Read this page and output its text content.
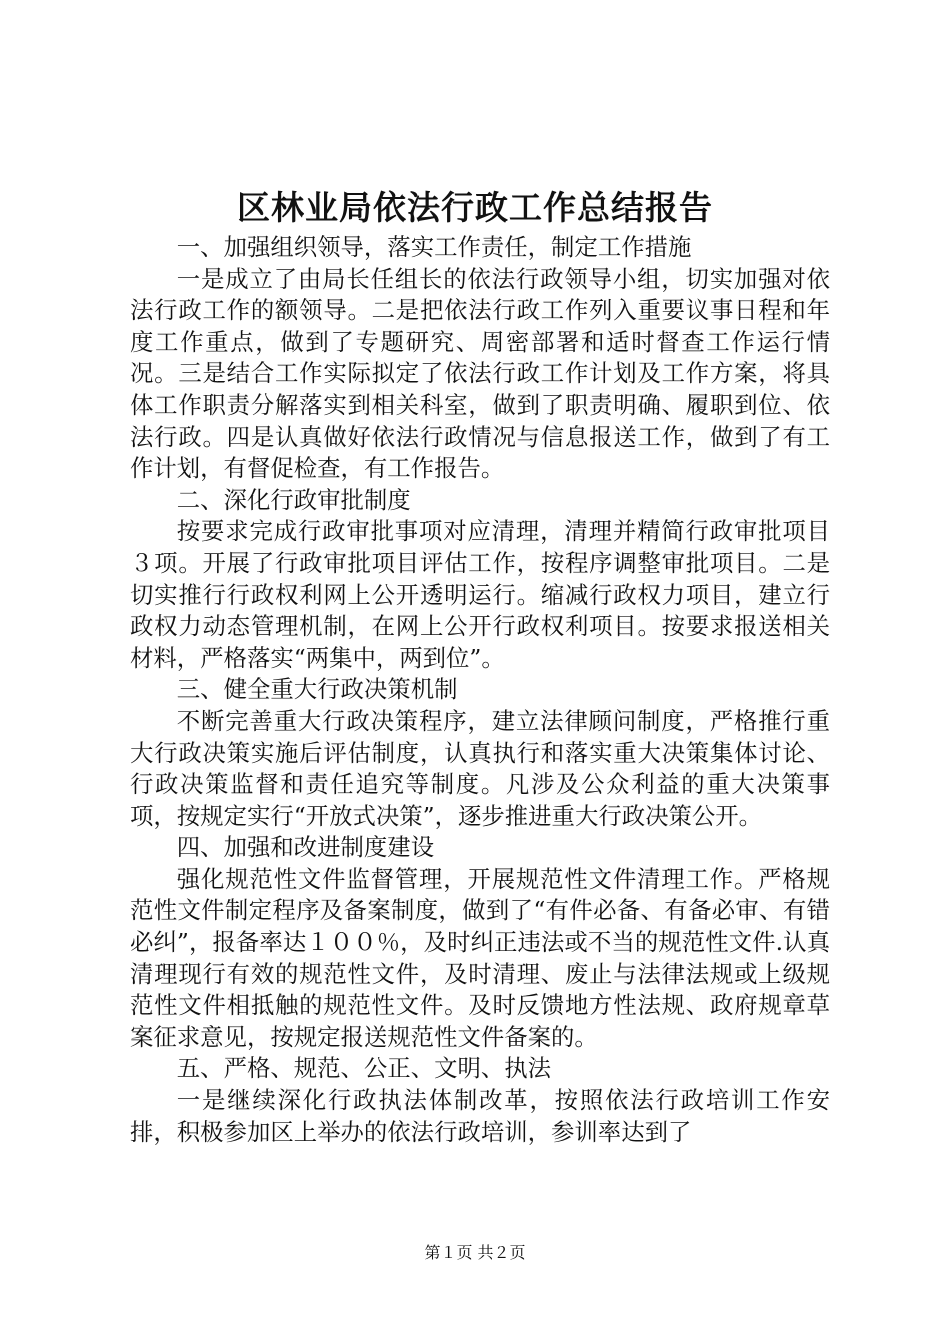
区林业局依法行政工作总结报告

一、加强组织领导，落实工作责任，制定工作措施

一是成立了由局长任组长的依法行政领导小组，切实加强对依法行政工作的额领导。二是把依法行政工作列入重要议事日程和年度工作重点，做到了专题研究、周密部署和适时督查工作运行情况。三是结合工作实际拟定了依法行政工作计划及工作方案，将具体工作职责分解落实到相关科室，做到了职责明确、履职到位、依法行政。四是认真做好依法行政情况与信息报送工作，做到了有工作计划，有督促检查，有工作报告。

二、深化行政审批制度

按要求完成行政审批事项对应清理，清理并精简行政审批项目３项。开展了行政审批项目评估工作，按程序调整审批项目。二是切实推行行政权利网上公开透明运行。缩减行政权力项目，建立行政权力动态管理机制，在网上公开行政权利项目。按要求报送相关材料，严格落实“两集中，两到位”。

三、健全重大行政决策机制

不断完善重大行政决策程序，建立法律顾问制度，严格推行重大行政决策实施后评估制度，认真执行和落实重大决策集体讨论、行政决策监督和责任追究等制度。凡涉及公众利益的重大决策事项，按规定实行“开放式决策”，逐步推进重大行政决策公开。

四、加强和改进制度建设

强化规范性文件监督管理，开展规范性文件清理工作。严格规范性文件制定程序及备案制度，做到了“有件必备、有备必审、有错必纠”，报备率达１００％，及时纠正违法或不当的规范性文件.认真清理现行有效的规范性文件，及时清理、废止与法律法规或上级规范性文件相抵触的规范性文件。及时反馈地方性法规、政府规章草案征求意见，按规定报送规范性文件备案的。

五、严格、规范、公正、文明、执法

一是继续深化行政执法体制改革，按照依法行政培训工作安排，积极参加区上举办的依法行政培训，参训率达到了

第１页 共２页
